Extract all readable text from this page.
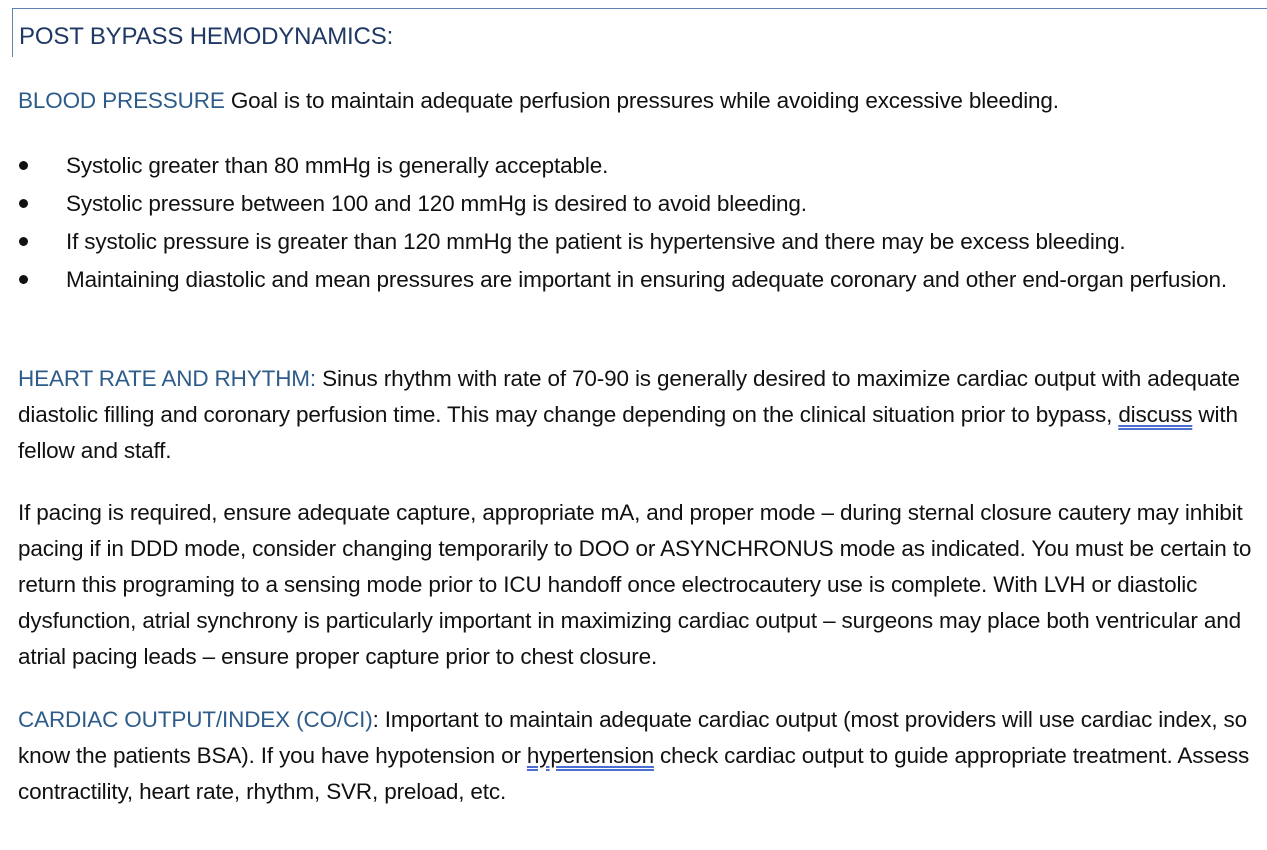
POST BYPASS HEMODYNAMICS:

BLOOD PRESSURE Goal is to maintain adequate perfusion pressures while avoiding excessive bleeding.

Systolic greater than 80 mmHg is generally acceptable.
Systolic pressure between 100 and 120 mmHg is desired to avoid bleeding.
If systolic pressure is greater than 120 mmHg the patient is hypertensive and there may be excess bleeding.
Maintaining diastolic and mean pressures are important in ensuring adequate coronary and other end-organ perfusion.

HEART RATE AND RHYTHM: Sinus rhythm with rate of 70-90 is generally desired to maximize cardiac output with adequate diastolic filling and coronary perfusion time. This may change depending on the clinical situation prior to bypass, discuss with fellow and staff.

If pacing is required, ensure adequate capture, appropriate mA, and proper mode – during sternal closure cautery may inhibit pacing if in DDD mode, consider changing temporarily to DOO or ASYNCHRONUS mode as indicated. You must be certain to return this programing to a sensing mode prior to ICU handoff once electrocautery use is complete. With LVH or diastolic dysfunction, atrial synchrony is particularly important in maximizing cardiac output – surgeons may place both ventricular and atrial pacing leads – ensure proper capture prior to chest closure.

CARDIAC OUTPUT/INDEX (CO/CI): Important to maintain adequate cardiac output (most providers will use cardiac index, so know the patients BSA). If you have hypotension or hypertension check cardiac output to guide appropriate treatment. Assess contractility, heart rate, rhythm, SVR, preload, etc.
